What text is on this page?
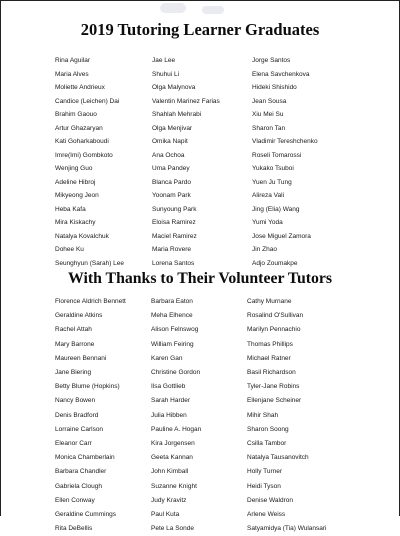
2019 Tutoring Learner Graduates
Rina Aguilar
Maria Alves
Moliette Andrieux
Candice (Leichen) Dai
Brahim Gaouo
Artur Ghazaryan
Kati Goharkaboudi
Imre(Imi) Gombkoto
Wenjing Guo
Adeline Hibroj
Mikyeong Jeon
Heba Kafa
Mira Kiskachy
Natalya Kovalchuk
Dohee Ku
Seunghyun (Sarah) Lee
Jae Lee
Shuhui Li
Olga Malynova
Valentin Marinez Farias
Shahlah Mehrabi
Olga Menjivar
Omika Napit
Ana Ochoa
Uma Pandey
Blanca Pardo
Yoonam Park
Sunyoung Park
Eloisa Ramirez
Maciel Ramirez
Maria Rovere
Lorena Santos
Jorge Santos
Elena Savchenkova
Hideki Shishido
Jean Sousa
Xiu Mei Su
Sharon Tan
Vladimir Tereshchenko
Roseli Tomarossi
Yukako Tsuboi
Yuen Ju Tung
Alireza Vali
Jing (Elia) Wang
Yumi Yoda
Jose Miguel Zamora
Jin Zhao
Adjo Zoumakpe
With Thanks to Their Volunteer Tutors
Florence Aldrich Bennett
Geraldine Atkins
Rachel Attah
Mary Barrone
Maureen Bennani
Jane Biering
Betty Blume (Hopkins)
Nancy Bowen
Denis Bradford
Lorraine Carlson
Eleanor Carr
Monica Chamberlain
Barbara Chandler
Gabriela Clough
Ellen Conway
Geraldine Cummings
Rita DeBellis
Barbara Eaton
Meha Elhence
Alison Felnswog
William Feiring
Karen Gan
Christine Gordon
Ilsa Gottlieb
Sarah Harder
Julia Hibben
Pauline A. Hogan
Kira Jorgensen
Geeta Kannan
John Kimball
Suzanne Knight
Judy Kravitz
Paul Kuta
Pete La Sonde
Cathy Murnane
Rosalind O'Sullivan
Marilyn Pennachio
Thomas Phillips
Michael Ratner
Basil Richardson
Tyler-Jane Robins
Ellenjane Scheiner
Mihir Shah
Sharon Soong
Csilla Tambor
Natalya Tausanovitch
Holly Turner
Heidi Tyson
Denise Waldron
Arlene Weiss
Satyamidya (Tia) Wulansari
